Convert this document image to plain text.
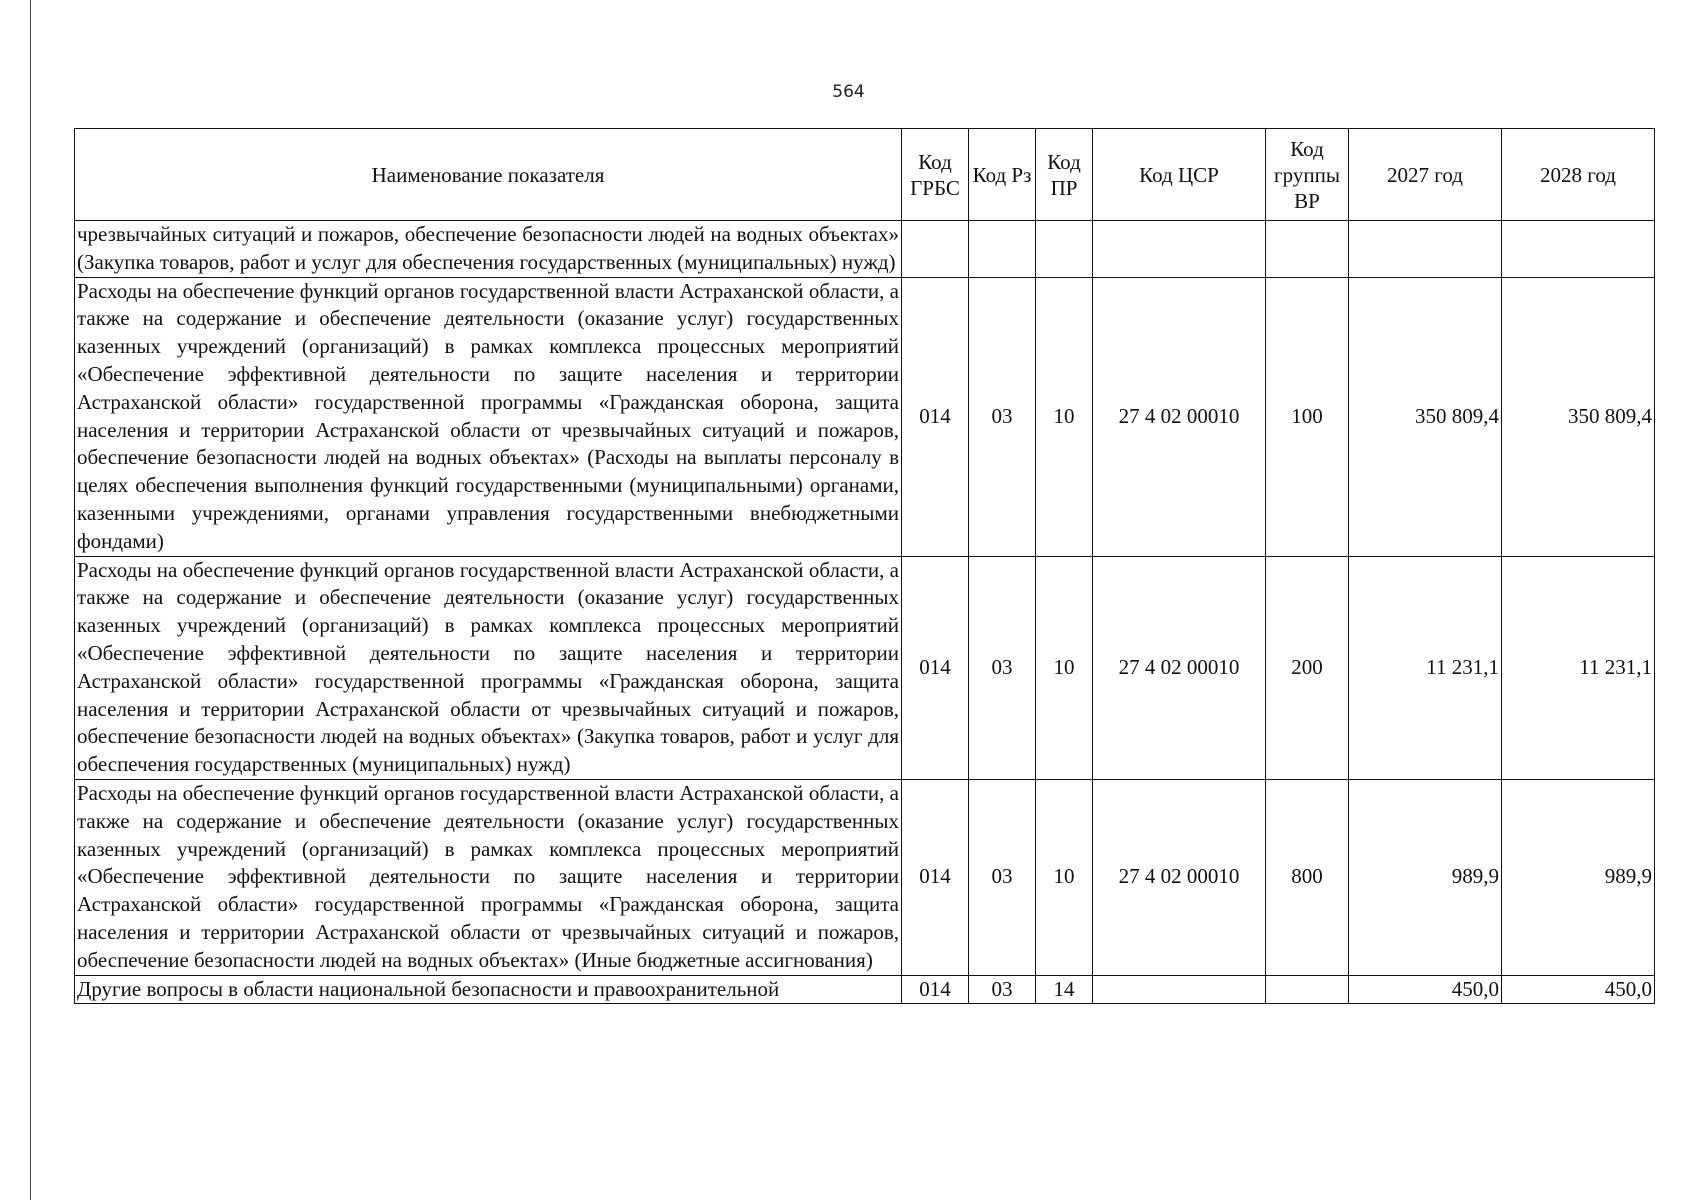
564
Наименование показателя	Код ГРБС	Код Рз	Код ПР	Код ЦСР	Код группы ВР	2027 год	2028 год

чрезвычайных ситуаций и пожаров, обеспечение безопасности людей на водных объектах» (Закупка товаров, работ и услуг для обеспечения государственных (муниципальных) нужд)							

Расходы на обеспечение функций органов государственной власти Астраханской области, а также на содержание и обеспечение деятельности (оказание услуг) государственных казенных учреждений (организаций) в рамках комплекса процессных мероприятий «Обеспечение эффективной деятельности по защите населения и территории Астраханской области» государственной программы «Гражданская оборона, защита населения и территории Астраханской области от чрезвычайных ситуаций и пожаров, обеспечение безопасности людей на водных объектах» (Расходы на выплаты персоналу в целях обеспечения выполнения функций государственными (муниципальными) органами, казенными учреждениями, органами управления государственными внебюджетными фондами)	014	03	10	27 4 02 00010	100	350 809,4	350 809,4

Расходы на обеспечение функций органов государственной власти Астраханской области, а также на содержание и обеспечение деятельности (оказание услуг) государственных казенных учреждений (организаций) в рамках комплекса процессных мероприятий «Обеспечение эффективной деятельности по защите населения и территории Астраханской области» государственной программы «Гражданская оборона, защита населения и территории Астраханской области от чрезвычайных ситуаций и пожаров, обеспечение безопасности людей на водных объектах» (Закупка товаров, работ и услуг для обеспечения государственных (муниципальных) нужд)	014	03	10	27 4 02 00010	200	11 231,1	11 231,1

Расходы на обеспечение функций органов государственной власти Астраханской области, а также на содержание и обеспечение деятельности (оказание услуг) государственных казенных учреждений (организаций) в рамках комплекса процессных мероприятий «Обеспечение эффективной деятельности по защите населения и территории Астраханской области» государственной программы «Гражданская оборона, защита населения и территории Астраханской области от чрезвычайных ситуаций и пожаров, обеспечение безопасности людей на водных объектах» (Иные бюджетные ассигнования)	014	03	10	27 4 02 00010	800	989,9	989,9

Другие вопросы в области национальной безопасности и правоохранительной	014	03	14			450,0	450,0
